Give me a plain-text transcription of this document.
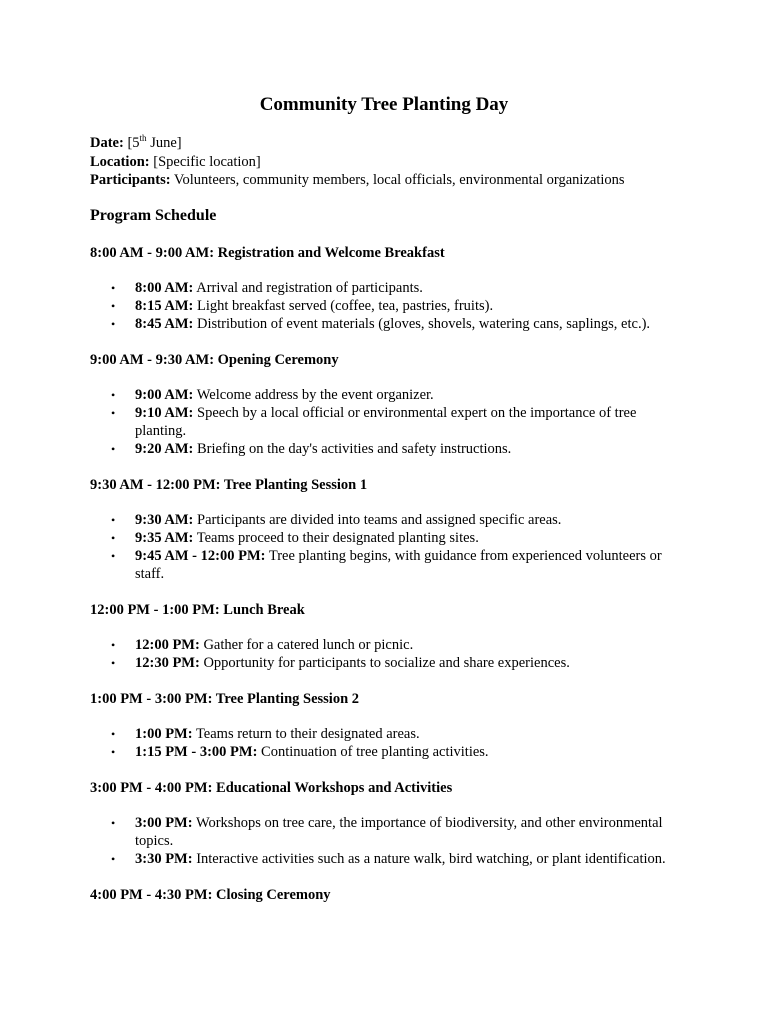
Community Tree Planting Day
Date: [5th June]
Location: [Specific location]
Participants: Volunteers, community members, local officials, environmental organizations
Program Schedule
8:00 AM - 9:00 AM: Registration and Welcome Breakfast
• 8:00 AM: Arrival and registration of participants.
• 8:15 AM: Light breakfast served (coffee, tea, pastries, fruits).
• 8:45 AM: Distribution of event materials (gloves, shovels, watering cans, saplings, etc.).
9:00 AM - 9:30 AM: Opening Ceremony
• 9:00 AM: Welcome address by the event organizer.
• 9:10 AM: Speech by a local official or environmental expert on the importance of tree planting.
• 9:20 AM: Briefing on the day's activities and safety instructions.
9:30 AM - 12:00 PM: Tree Planting Session 1
• 9:30 AM: Participants are divided into teams and assigned specific areas.
• 9:35 AM: Teams proceed to their designated planting sites.
• 9:45 AM - 12:00 PM: Tree planting begins, with guidance from experienced volunteers or staff.
12:00 PM - 1:00 PM: Lunch Break
• 12:00 PM: Gather for a catered lunch or picnic.
• 12:30 PM: Opportunity for participants to socialize and share experiences.
1:00 PM - 3:00 PM: Tree Planting Session 2
• 1:00 PM: Teams return to their designated areas.
• 1:15 PM - 3:00 PM: Continuation of tree planting activities.
3:00 PM - 4:00 PM: Educational Workshops and Activities
• 3:00 PM: Workshops on tree care, the importance of biodiversity, and other environmental topics.
• 3:30 PM: Interactive activities such as a nature walk, bird watching, or plant identification.
4:00 PM - 4:30 PM: Closing Ceremony
